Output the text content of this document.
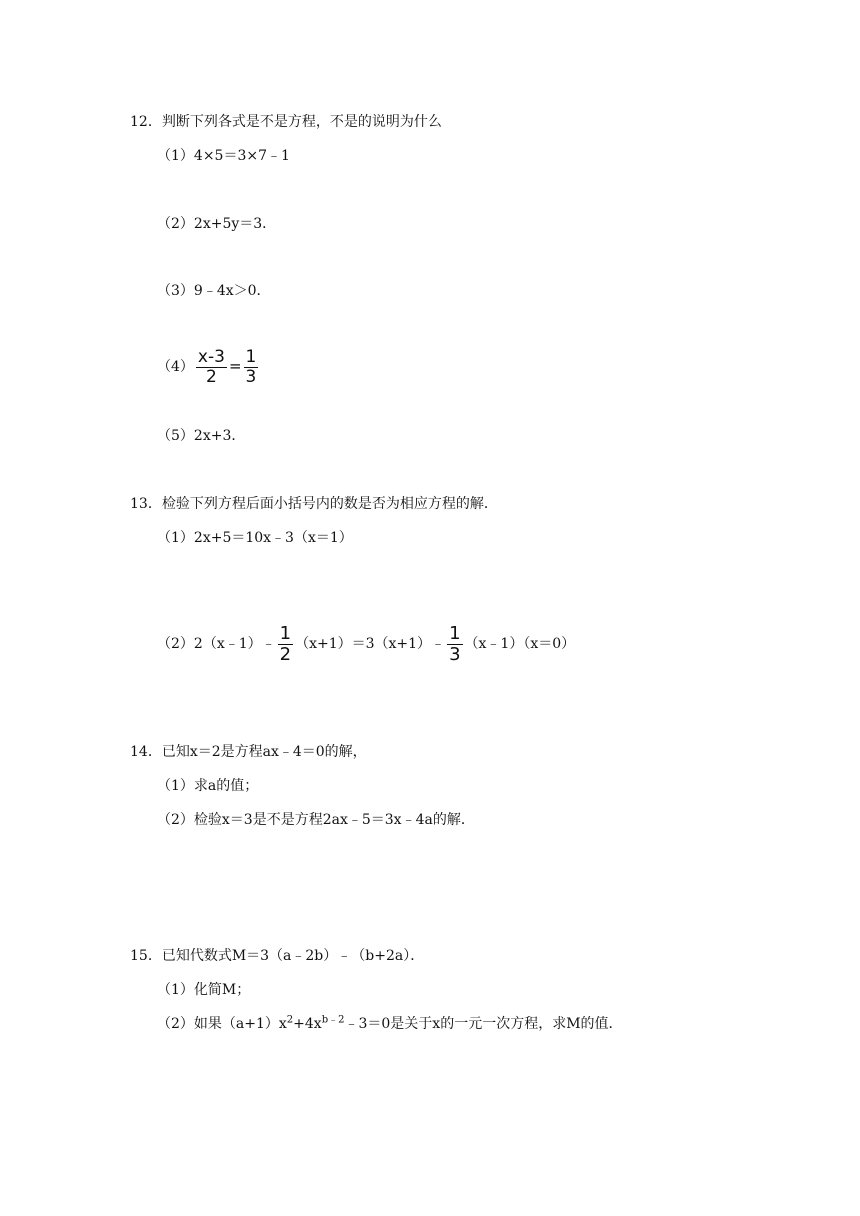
12．判断下列各式是不是方程，不是的说明为什么
（1）4×5＝3×7﹣1
（2）2x+5y＝3．
（3）9﹣4x＞0．
$(4) \frac{x-3}{2} = \frac{1}{3}$
（5）2x+3．
13．检验下列方程后面小括号内的数是否为相应方程的解．
（1）2x+5＝10x﹣3（x＝1）
（2）2（x﹣1）﹣ $\frac{1}{2}$ （x+1）＝3（x+1）﹣ $\frac{1}{3}$ （x﹣1）（x＝0）
14．已知x＝2是方程ax﹣4＝0的解，
（1）求a的值；
（2）检验x＝3是不是方程2ax﹣5＝3x﹣4a的解．
15．已知代数式M＝3（a﹣2b）﹣（b+2a）．
（1）化简M；
（2）如果$(a+1)x^2+4x^{b﹣2}﹣3=0$是关于x的一元一次方程，求M的值．
